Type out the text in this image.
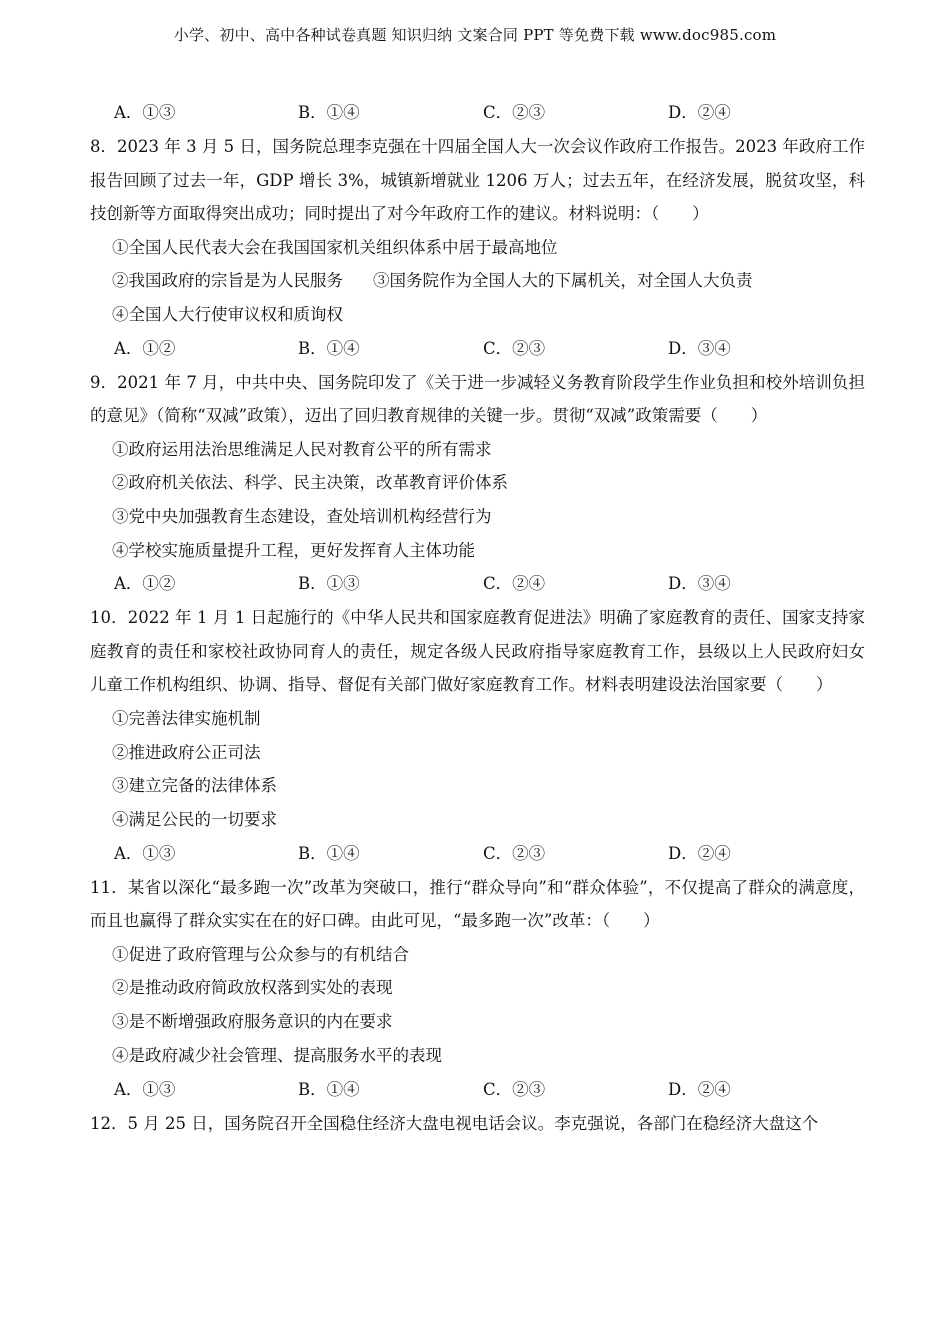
小学、初中、高中各种试卷真题 知识归纳 文案合同 PPT 等免费下载 www.doc985.com
A．①③	B．①④	C．②③	D．②④
8．2023 年 3 月 5 日，国务院总理李克强在十四届全国人大一次会议作政府工作报告。2023 年政府工作报告回顾了过去一年，GDP 增长 3%，城镇新增就业 1206 万人；过去五年，在经济发展，脱贫攻坚，科技创新等方面取得突出成功；同时提出了对今年政府工作的建议。材料说明：（　　）
①全国人民代表大会在我国国家机关组织体系中居于最高地位
②我国政府的宗旨是为人民服务 ③国务院作为全国人大的下属机关，对全国人大负责
④全国人大行使审议权和质询权
A．①②	B．①④	C．②③	D．③④
9．2021 年 7 月，中共中央、国务院印发了《关于进一步减轻义务教育阶段学生作业负担和校外培训负担的意见》（简称“双减”政策），迈出了回归教育规律的关键一步。贯彻“双减”政策需要（　　）
①政府运用法治思维满足人民对教育公平的所有需求
②政府机关依法、科学、民主决策，改革教育评价体系
③党中央加强教育生态建设，查处培训机构经营行为
④学校实施质量提升工程，更好发挥育人主体功能
A．①②	B．①③	C．②④	D．③④
10．2022 年 1 月 1 日起施行的《中华人民共和国家庭教育促进法》明确了家庭教育的责任、国家支持家庭教育的责任和家校社政协同育人的责任，规定各级人民政府指导家庭教育工作，县级以上人民政府妇女儿童工作机构组织、协调、指导、督促有关部门做好家庭教育工作。材料表明建设法治国家要（　　）
①完善法律实施机制
②推进政府公正司法
③建立完备的法律体系
④满足公民的一切要求
A．①③	B．①④	C．②③	D．②④
11．某省以深化“最多跑一次”改革为突破口，推行“群众导向”和“群众体验”，不仅提高了群众的满意度，而且也赢得了群众实实在在的好口碑。由此可见，“最多跑一次”改革：（　　）
①促进了政府管理与公众参与的有机结合
②是推动政府简政放权落到实处的表现
③是不断增强政府服务意识的内在要求
④是政府减少社会管理、提高服务水平的表现
A．①③	B．①④	C．②③	D．②④
12．5 月 25 日，国务院召开全国稳住经济大盘电视电话会议。李克强说，各部门在稳经济大盘这个
